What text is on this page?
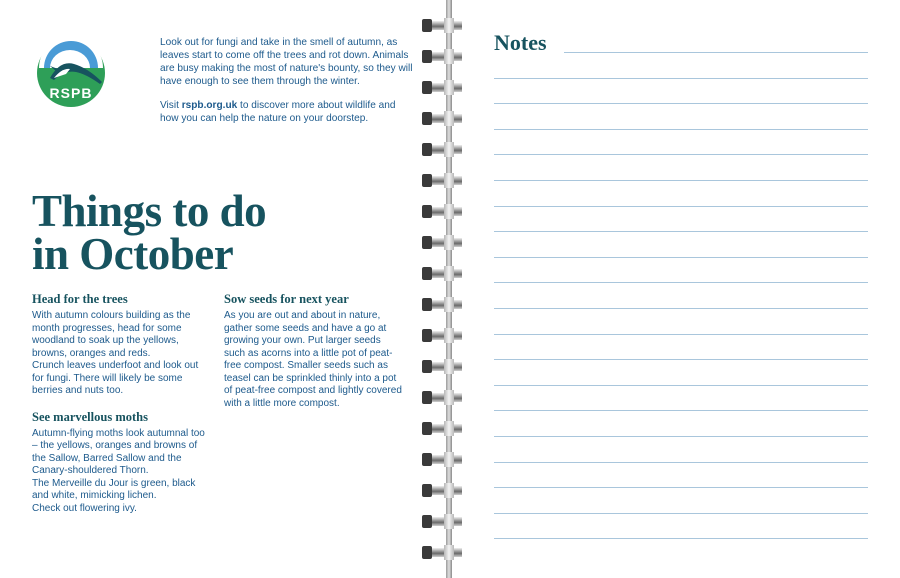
RSPB

Look out for fungi and take in the smell of autumn, as leaves start to come off the trees and rot down. Animals are busy making the most of nature's bounty, so they will have enough to see them through the winter.

Visit rspb.org.uk to discover more about wildlife and how you can help the nature on your doorstep.

Things to do
in October
Head for the trees

With autumn colours building as the month progresses, head for some woodland to soak up the yellows, browns, oranges and reds.
Crunch leaves underfoot and look out for fungi. There will likely be some berries and nuts too.

See marvellous moths

Autumn-flying moths look autumnal too – the yellows, oranges and browns of the Sallow, Barred Sallow and the Canary-shouldered Thorn.
The Merveille du Jour is green, black and white, mimicking lichen.
Check out flowering ivy.

Sow seeds for next year

As you are out and about in nature, gather some seeds and have a go at growing your own. Put larger seeds such as acorns into a little pot of peat-free compost. Smaller seeds such as teasel can be sprinkled thinly into a pot of peat-free compost and lightly covered with a little more compost.

Notes
